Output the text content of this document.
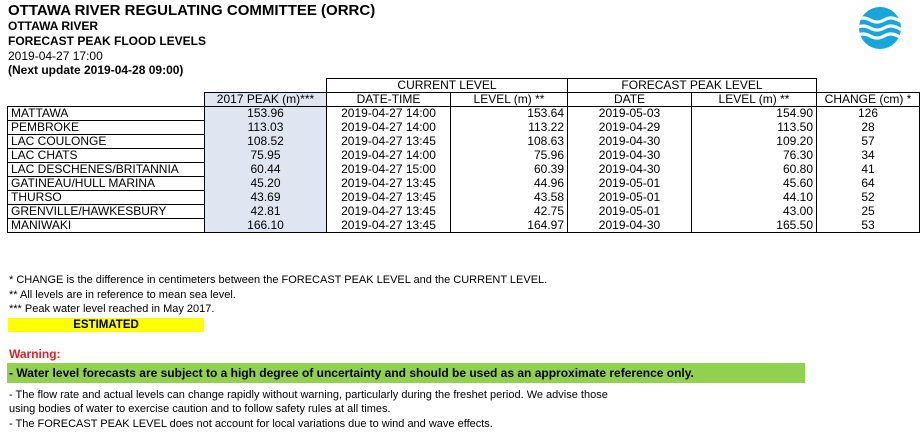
OTTAWA RIVER REGULATING COMMITTEE (ORRC)
OTTAWA RIVER
FORECAST PEAK FLOOD LEVELS
2019-04-27 17:00
(Next update 2019-04-28 09:00)
		CURRENT LEVEL		FORECAST PEAK LEVEL		
	2017 PEAK (m)***	DATE-TIME	LEVEL (m) **	DATE	LEVEL (m) **	CHANGE (cm) *
MATTAWA	153.96	2019-04-27 14:00	153.64	2019-05-03	154.90	126
PEMBROKE	113.03	2019-04-27 14:00	113.22	2019-04-29	113.50	28
LAC COULONGE	108.52	2019-04-27 13:45	108.63	2019-04-30	109.20	57
LAC CHATS	75.95	2019-04-27 14:00	75.96	2019-04-30	76.30	34
LAC DESCHENES/BRITANNIA	60.44	2019-04-27 15:00	60.39	2019-04-30	60.80	41
GATINEAU/HULL MARINA	45.20	2019-04-27 13:45	44.96	2019-05-01	45.60	64
THURSO	43.69	2019-04-27 13:45	43.58	2019-05-01	44.10	52
GRENVILLE/HAWKESBURY	42.81	2019-04-27 13:45	42.75	2019-05-01	43.00	25
MANIWAKI	166.10	2019-04-27 13:45	164.97	2019-04-30	165.50	53
* CHANGE is the difference in centimeters between the FORECAST PEAK LEVEL and the CURRENT LEVEL.
** All levels are in reference to mean sea level.
*** Peak water level reached in May 2017.
ESTIMATED
Warning:
- Water level forecasts are subject to a high degree of uncertainty and should be used as an approximate reference only.
- The flow rate and actual levels can change rapidly without warning, particularly during the freshet period. We advise those
using bodies of water to exercise caution and to follow safety rules at all times.
- The FORECAST PEAK LEVEL does not account for local variations due to wind and wave effects.
